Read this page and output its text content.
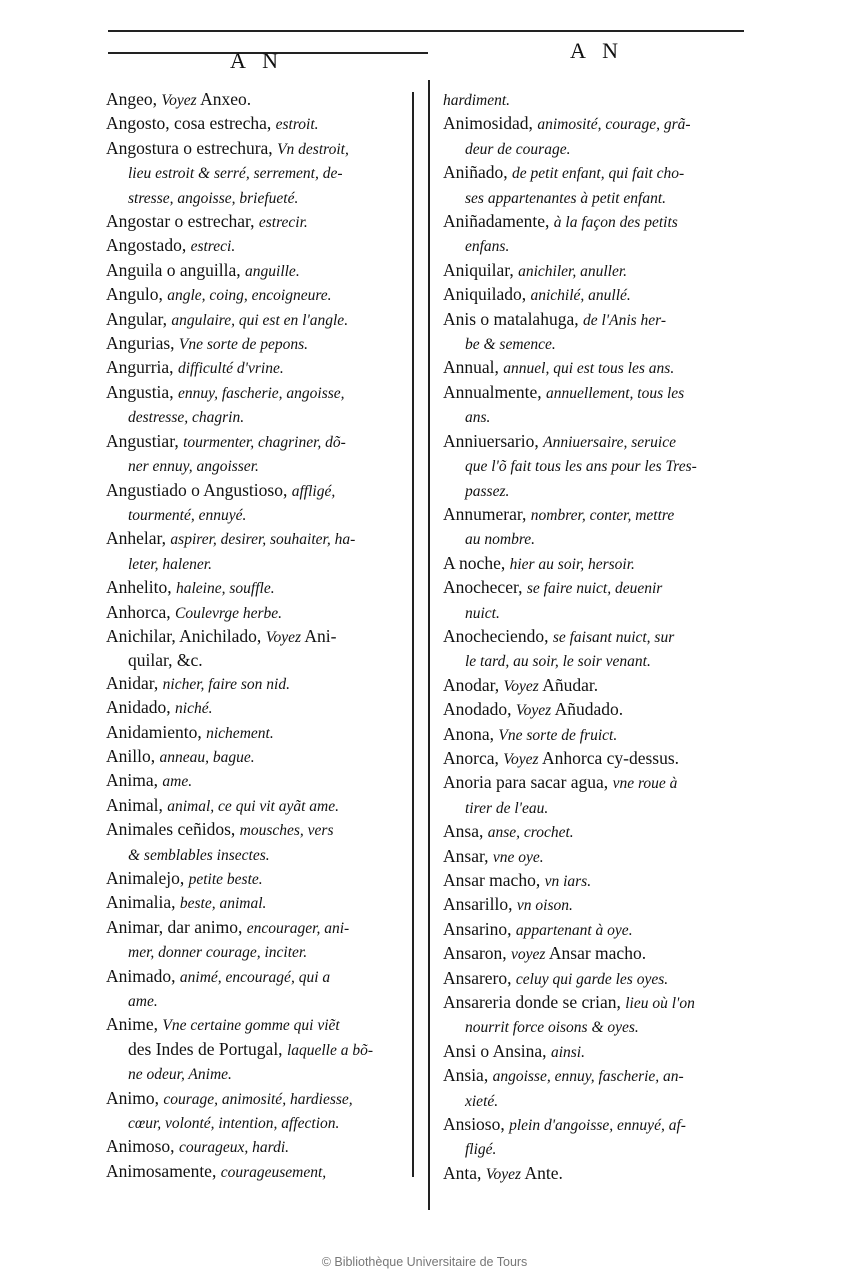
A N	A N
Angeo, Voyez Anxeo.
Angosto, cosa estrecha, estroit.
Angostura o estrechura, Vn destroit,
lieu estroit & serré, serrement, de-
stresse, angoisse, briefueté.
Angostar o estrechar, estrecir.
Angostado, estreci.
Anguila o anguilla, anguille.
Angulo, angle, coing, encoigneure.
Angular, angulaire, qui est en l'angle.
Angurias, Vne sorte de pepons.
Angurria, difficulté d'vrine.
Angustia, ennuy, fascherie, angoisse,
destresse, chagrin.
Angustiar, tourmenter, chagriner, dõ-
ner ennuy, angoisser.
Angustiado o Angustioso, affligé,
tourmenté, ennuyé.
Anhelar, aspirer, desirer, souhaiter, ha-
leter, halener.
Anhelito, haleine, souffle.
Anhorca, Coulevrge herbe.
Anichilar, Anichilado, Voyez Ani-
quilar, &c.
Anidar, nicher, faire son nid.
Anidado, niché.
Anidamiento, nichement.
Anillo, anneau, bague.
Anima, ame.
Animal, animal, ce qui vit ayãt ame.
Animales ceñidos, mousches, vers
& semblables insectes.
Animalejo, petite beste.
Animalia, beste, animal.
Animar, dar animo, encourager, ani-
mer, donner courage, inciter.
Animado, animé, encouragé, qui a
ame.
Anime, Vne certaine gomme qui viẽt
des Indes de Portugal, laquelle a bõ-
ne odeur, Anime.
Animo, courage, animosité, hardiesse,
cœur, volonté, intention, affection.
Animoso, courageux, hardi.
Animosamente, courageusement,
hardiment.
Animosidad, animosité, courage, grã-
deur de courage.
Aniñado, de petit enfant, qui fait cho-
ses appartenantes à petit enfant.
Aniñadamente, à la façon des petits
enfans.
Aniquilar, anichiler, anuller.
Aniquilado, anichilé, anullé.
Anis o matalahuga, de l'Anis her-
be & semence.
Annual, annuel, qui est tous les ans.
Annualmente, annuellement, tous les
ans.
Anniuersario, Anniuersaire, seruice
que l'õ fait tous les ans pour les Tres-
passez.
Annumerar, nombrer, conter, mettre
au nombre.
A noche, hier au soir, hersoir.
Anochecer, se faire nuict, deuenir
nuict.
Anocheciendo, se faisant nuict, sur
le tard, au soir, le soir venant.
Anodar, Voyez Añudar.
Anodado, Voyez Añudado.
Anona, Vne sorte de fruict.
Anorca, Voyez Anhorca cy-dessus.
Anoria para sacar agua, vne roue à
tirer de l'eau.
Ansa, anse, crochet.
Ansar, vne oye.
Ansar macho, vn iars.
Ansarillo, vn oison.
Ansarino, appartenant à oye.
Ansaron, voyez Ansar macho.
Ansarero, celuy qui garde les oyes.
Ansareria donde se crian, lieu où l'on
nourrit force oisons & oyes.
Ansi o Ansina, ainsi.
Ansia, angoisse, ennuy, fascherie, an-
xieté.
Ansioso, plein d'angoisse, ennuyé, af-
fligé.
Anta, Voyez Ante.
© Bibliothèque Universitaire de Tours
